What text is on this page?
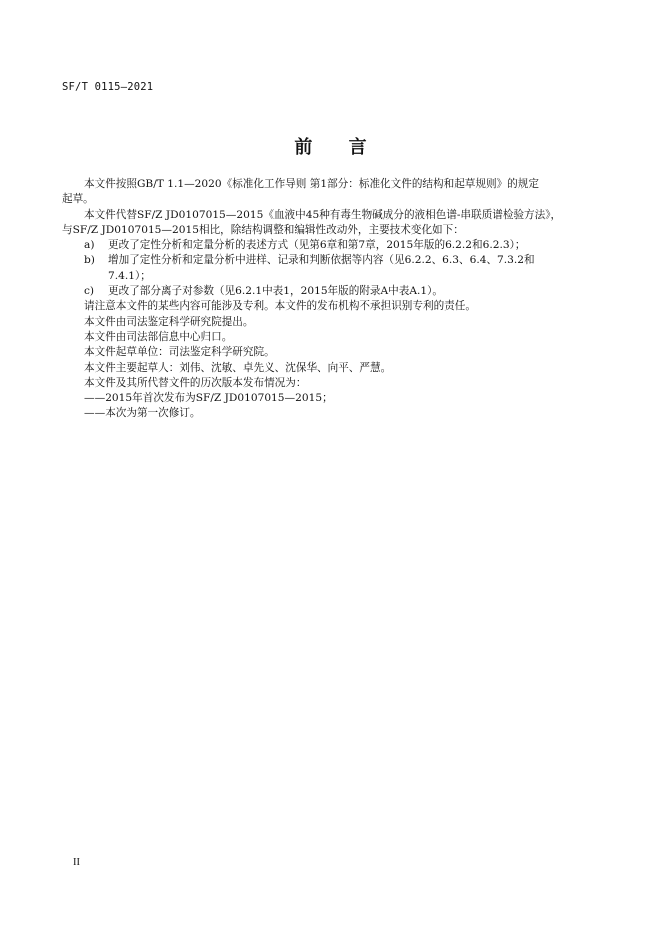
SF/T 0115—2021
前 言
本文件按照GB/T 1.1—2020《标准化工作导则 第1部分：标准化文件的结构和起草规则》的规定
起草。
本文件代替SF/Z JD0107015—2015《血液中45种有毒生物碱成分的液相色谱-串联质谱检验方法》，
与SF/Z JD0107015—2015相比，除结构调整和编辑性改动外，主要技术变化如下：
a)	更改了定性分析和定量分析的表述方式（见第6章和第7章，2015年版的6.2.2和6.2.3）；
b)	增加了定性分析和定量分析中进样、记录和判断依据等内容（见6.2.2、6.3、6.4、7.3.2和
7.4.1）；
c)	更改了部分离子对参数（见6.2.1中表1，2015年版的附录A中表A.1）。
请注意本文件的某些内容可能涉及专利。本文件的发布机构不承担识别专利的责任。
本文件由司法鉴定科学研究院提出。
本文件由司法部信息中心归口。
本文件起草单位：司法鉴定科学研究院。
本文件主要起草人：刘伟、沈敏、卓先义、沈保华、向平、严慧。
本文件及其所代替文件的历次版本发布情况为：
——2015年首次发布为SF/Z JD0107015—2015；
——本次为第一次修订。
II
